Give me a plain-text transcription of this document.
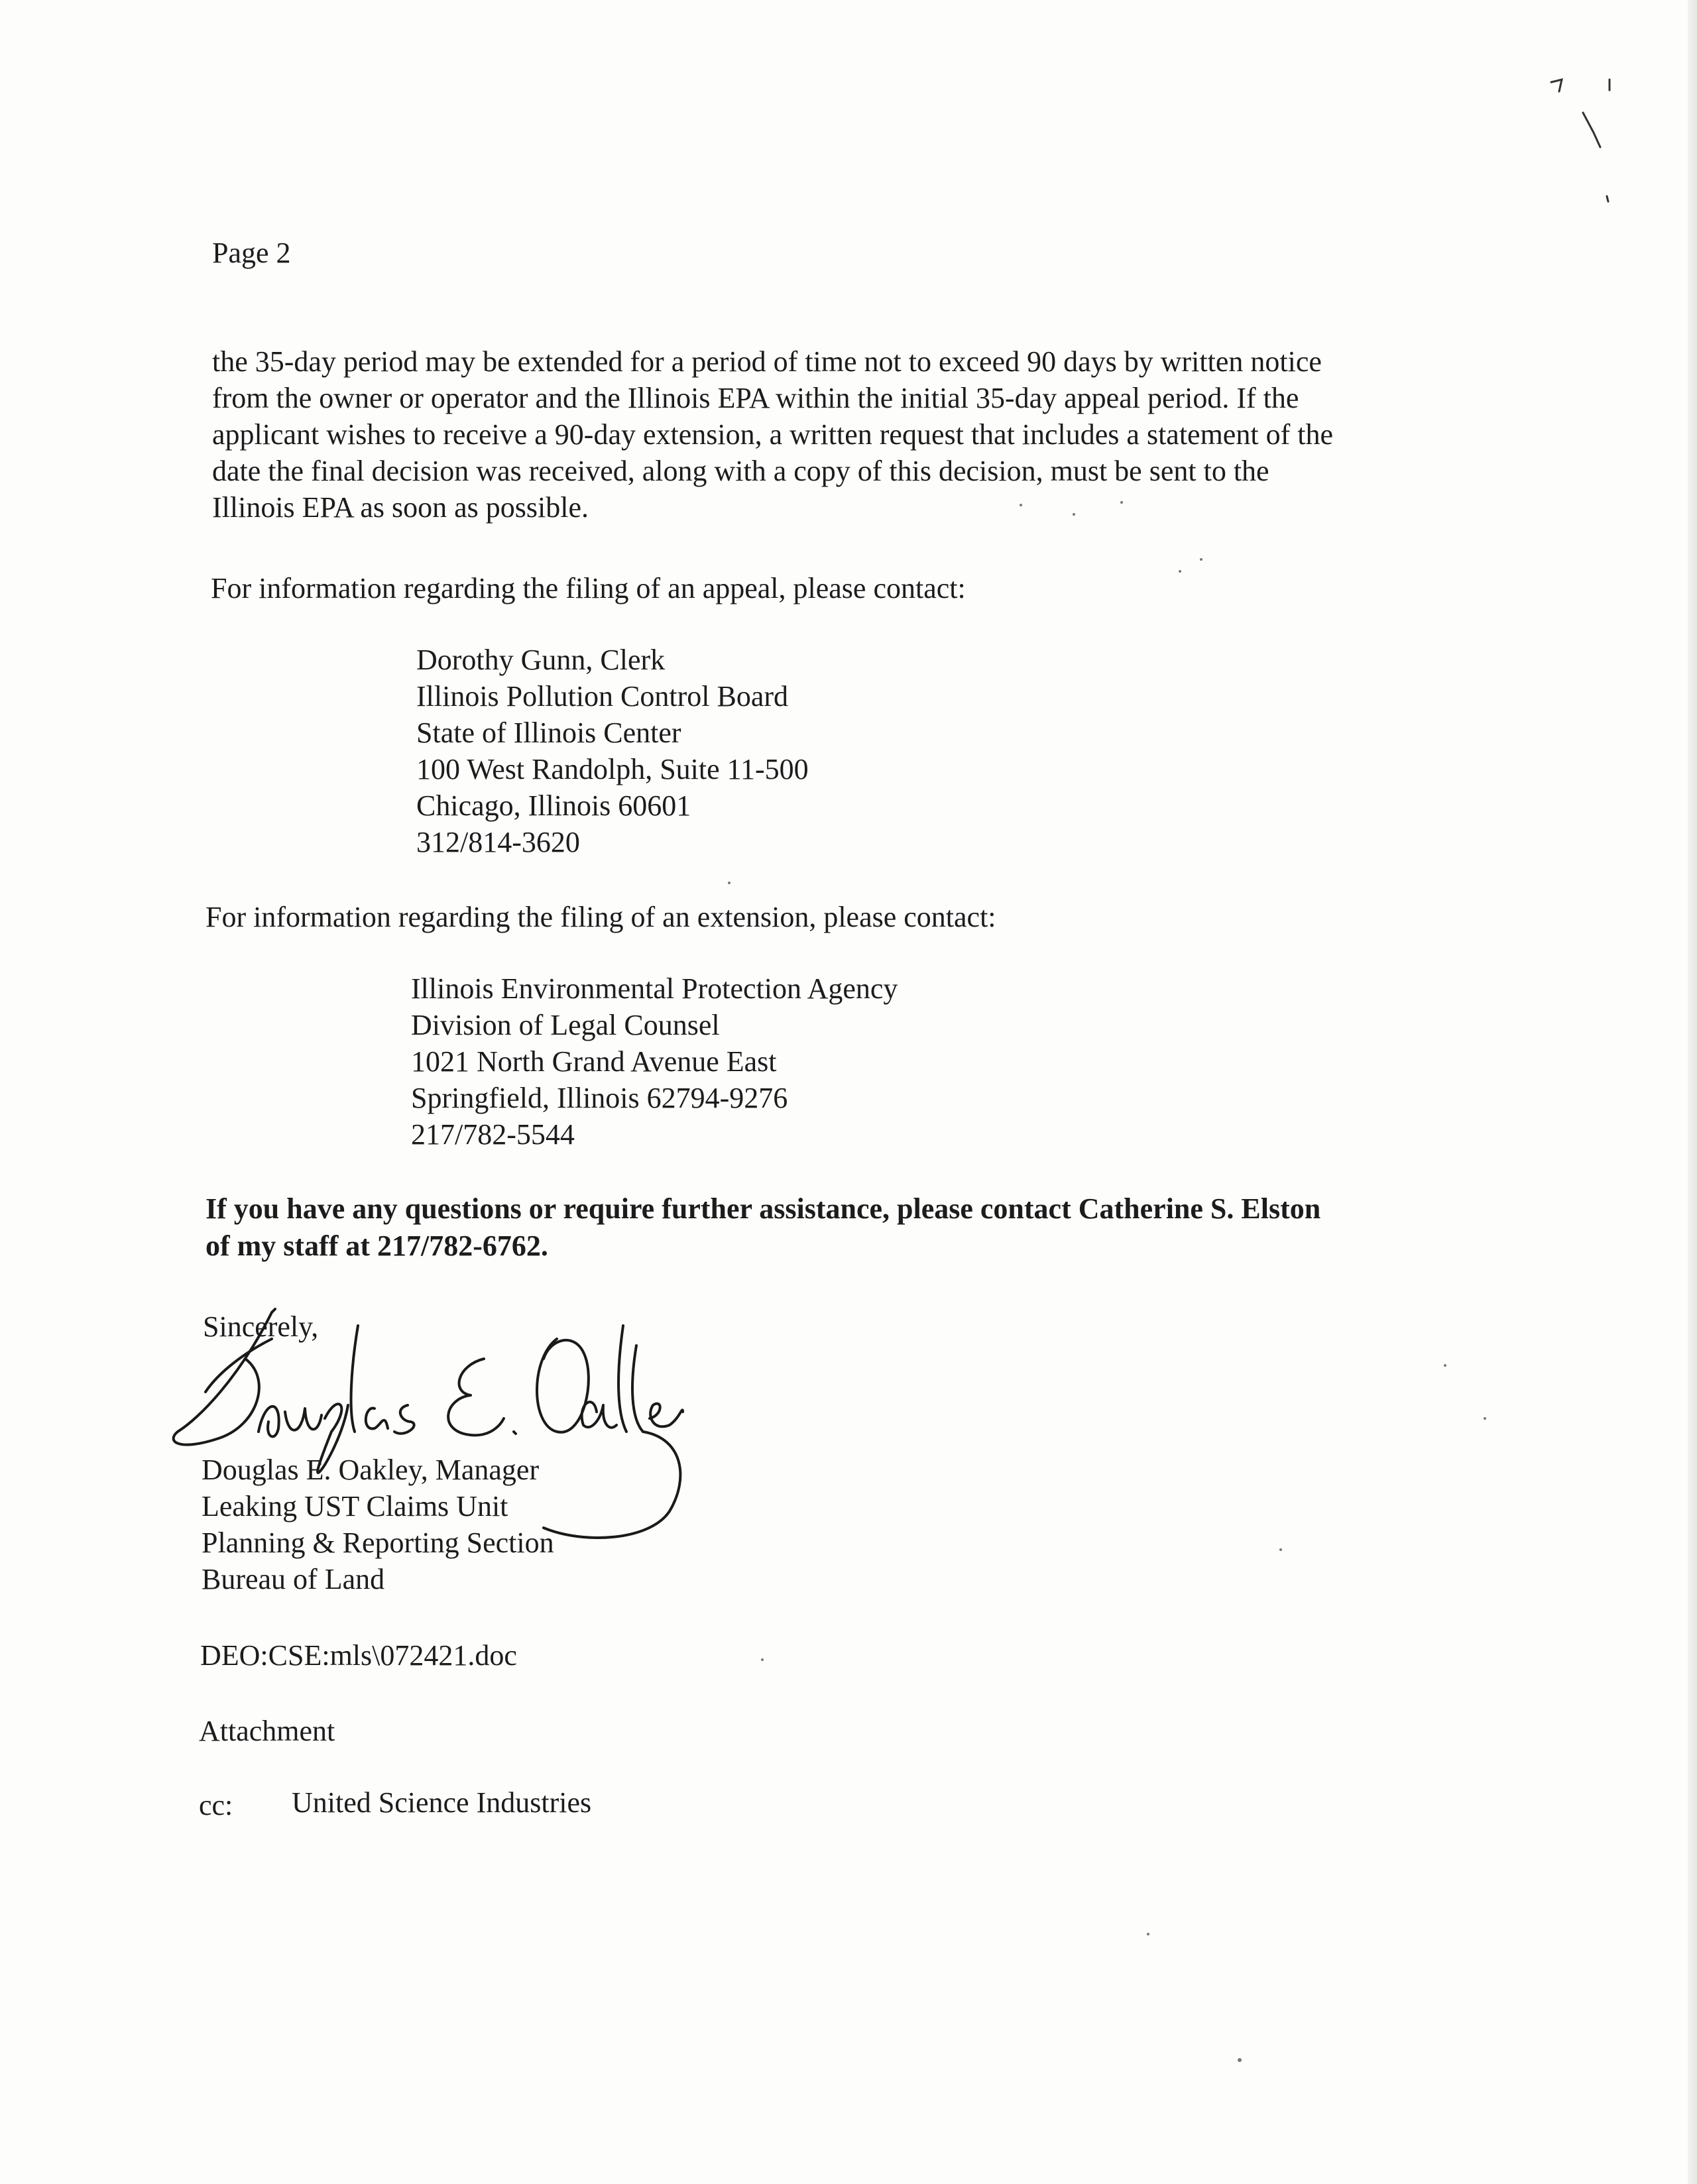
Page 2
the 35-day period may be extended for a period of time not to exceed 90 days by written notice
from the owner or operator and the Illinois EPA within the initial 35-day appeal period. If the
applicant wishes to receive a 90-day extension, a written request that includes a statement of the
date the final decision was received, along with a copy of this decision, must be sent to the
Illinois EPA as soon as possible.
For information regarding the filing of an appeal, please contact:
Dorothy Gunn, Clerk
Illinois Pollution Control Board
State of Illinois Center
100 West Randolph, Suite 11-500
Chicago, Illinois 60601
312/814-3620
For information regarding the filing of an extension, please contact:
Illinois Environmental Protection Agency
Division of Legal Counsel
1021 North Grand Avenue East
Springfield, Illinois 62794-9276
217/782-5544
If you have any questions or require further assistance, please contact Catherine S. Elston
of my staff at 217/782-6762.
Sincerely,
Douglas E. Oakley, Manager
Leaking UST Claims Unit
Planning & Reporting Section
Bureau of Land
DEO:CSE:mls\072421.doc
Attachment
cc: United Science Industries
